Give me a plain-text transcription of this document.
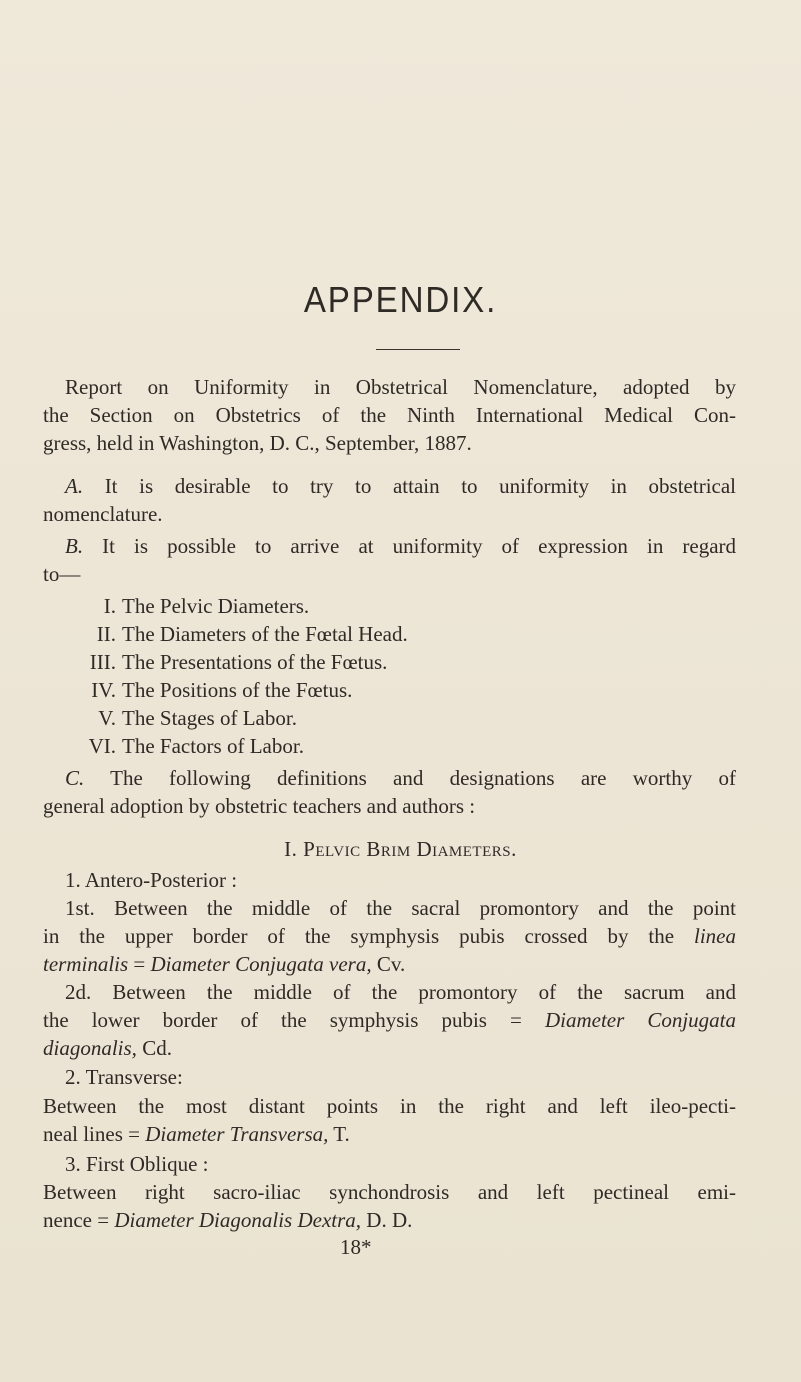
APPENDIX.
Report on Uniformity in Obstetrical Nomenclature, adopted by
the Section on Obstetrics of the Ninth International Medical Con-
gress, held in Washington, D. C., September, 1887.
A. It is desirable to try to attain to uniformity in obstetrical
nomenclature.
B. It is possible to arrive at uniformity of expression in regard
to—
I. The Pelvic Diameters.
II. The Diameters of the Fœtal Head.
III. The Presentations of the Fœtus.
IV. The Positions of the Fœtus.
V. The Stages of Labor.
VI. The Factors of Labor.
C. The following definitions and designations are worthy of
general adoption by obstetric teachers and authors :
I. Pelvic Brim Diameters.
1. Antero-Posterior :
1st. Between the middle of the sacral promontory and the point
in the upper border of the symphysis pubis crossed by the linea
terminalis = Diameter Conjugata vera, Cv.
2d. Between the middle of the promontory of the sacrum and
the lower border of the symphysis pubis = Diameter Conjugata
diagonalis, Cd.
2. Transverse:
Between the most distant points in the right and left ileo-pecti-
neal lines = Diameter Transversa, T.
3. First Oblique :
Between right sacro-iliac synchondrosis and left pectineal emi-
nence = Diameter Diagonalis Dextra, D. D.
18*
